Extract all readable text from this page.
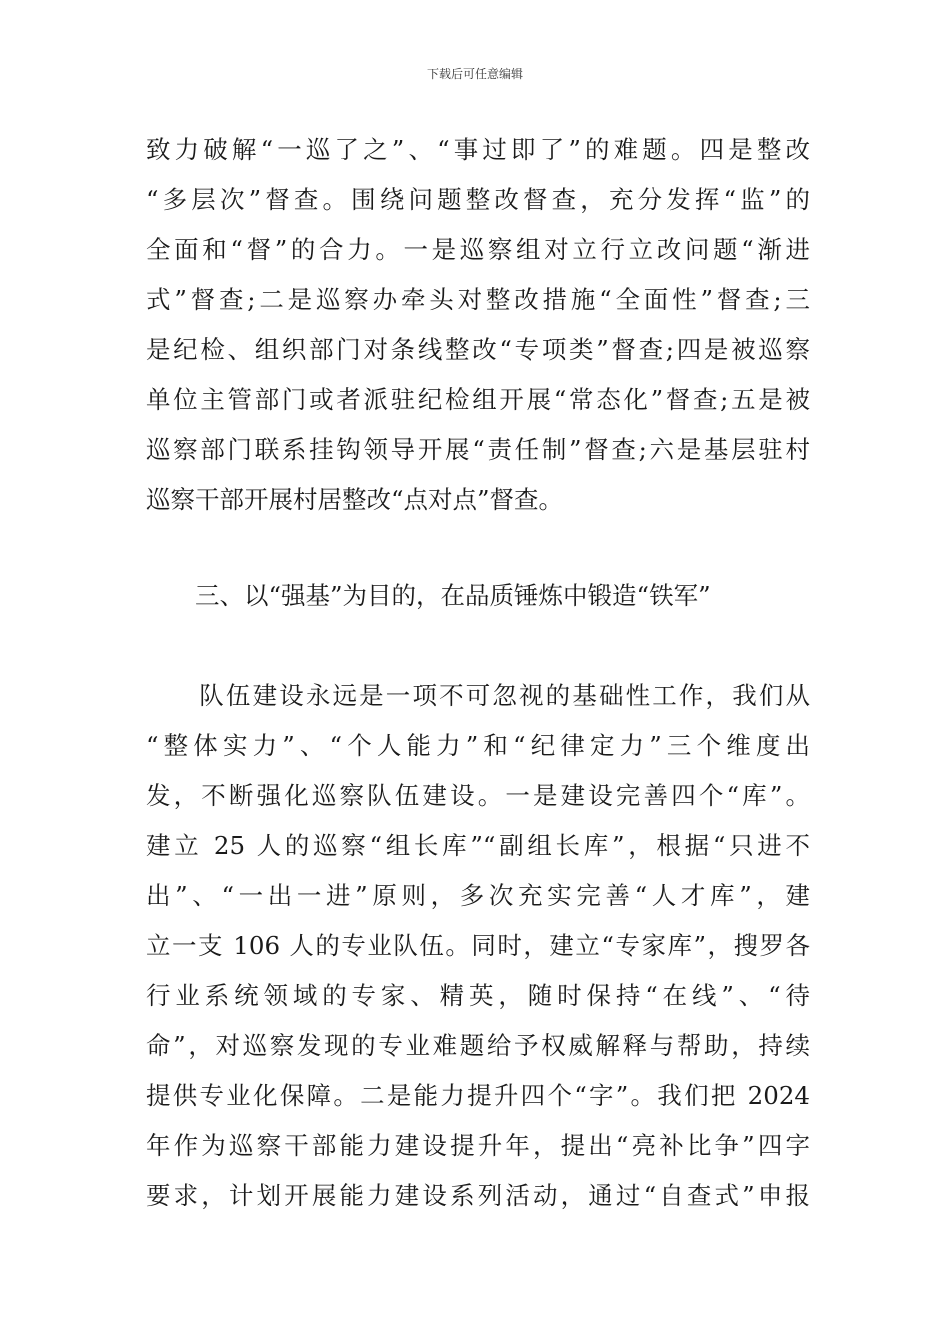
下载后可任意编辑
致力破解“一巡了之”、“事过即了”的难题。四是整改
“多层次”督查。围绕问题整改督查，充分发挥“监”的
全面和“督”的合力。一是巡察组对立行立改问题“渐进
式”督查;二是巡察办牵头对整改措施“全面性”督查;三
是纪检、组织部门对条线整改“专项类”督查;四是被巡察
单位主管部门或者派驻纪检组开展“常态化”督查;五是被
巡察部门联系挂钩领导开展“责任制”督查;六是基层驻村
巡察干部开展村居整改“点对点”督查。
三、以“强基”为目的，在品质锤炼中锻造“铁军”
　　队伍建设永远是一项不可忽视的基础性工作，我们从
“整体实力”、“个人能力”和“纪律定力”三个维度出
发，不断强化巡察队伍建设。一是建设完善四个“库”。
建立 25 人的巡察“组长库”“副组长库”，根据“只进不
出”、“一出一进”原则，多次充实完善“人才库”，建
立一支 106 人的专业队伍。同时，建立“专家库”，搜罗各
行业系统领域的专家、精英，随时保持“在线”、“待
命”，对巡察发现的专业难题给予权威解释与帮助，持续
提供专业化保障。二是能力提升四个“字”。我们把 2024
年作为巡察干部能力建设提升年，提出“亮补比争”四字
要求，计划开展能力建设系列活动，通过“自查式”申报
